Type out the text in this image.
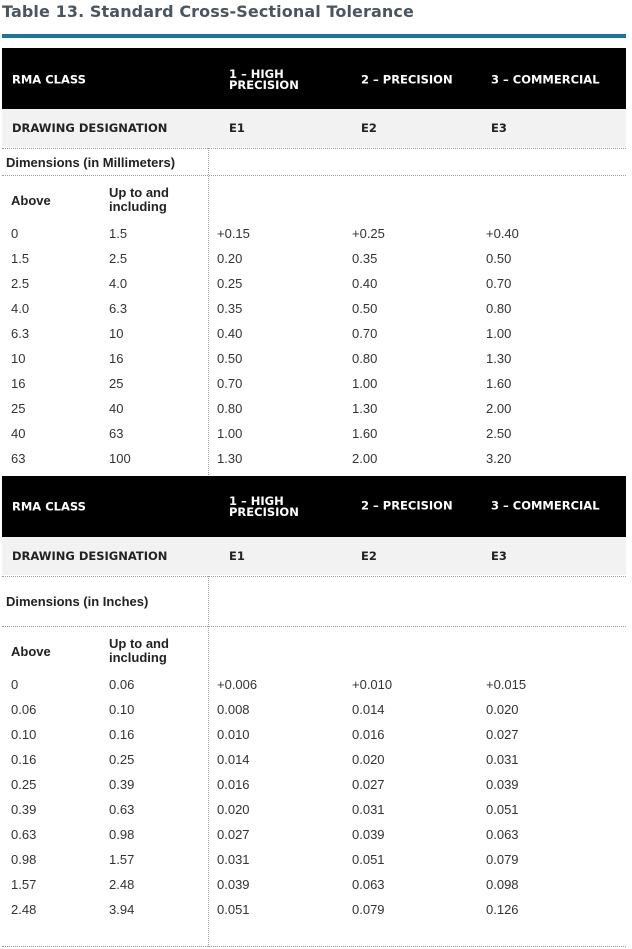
Table 13. Standard Cross-Sectional Tolerance
RMA CLASS	1 – HIGH PRECISION	2 – PRECISION	3 – COMMERCIAL
DRAWING DESIGNATION	E1	E2	E3
Dimensions (in Millimeters)
Above
Up to and including
0	1.5	+0.15	+0.25	+0.40
1.5	2.5	0.20	0.35	0.50
2.5	4.0	0.25	0.40	0.70
4.0	6.3	0.35	0.50	0.80
6.3	10	0.40	0.70	1.00
10	16	0.50	0.80	1.30
16	25	0.70	1.00	1.60
25	40	0.80	1.30	2.00
40	63	1.00	1.60	2.50
63	100	1.30	2.00	3.20
RMA CLASS	1 – HIGH PRECISION	2 – PRECISION	3 – COMMERCIAL
DRAWING DESIGNATION	E1	E2	E3
Dimensions (in Inches)
Above
Up to and including
0	0.06	+0.006	+0.010	+0.015
0.06	0.10	0.008	0.014	0.020
0.10	0.16	0.010	0.016	0.027
0.16	0.25	0.014	0.020	0.031
0.25	0.39	0.016	0.027	0.039
0.39	0.63	0.020	0.031	0.051
0.63	0.98	0.027	0.039	0.063
0.98	1.57	0.031	0.051	0.079
1.57	2.48	0.039	0.063	0.098
2.48	3.94	0.051	0.079	0.126
